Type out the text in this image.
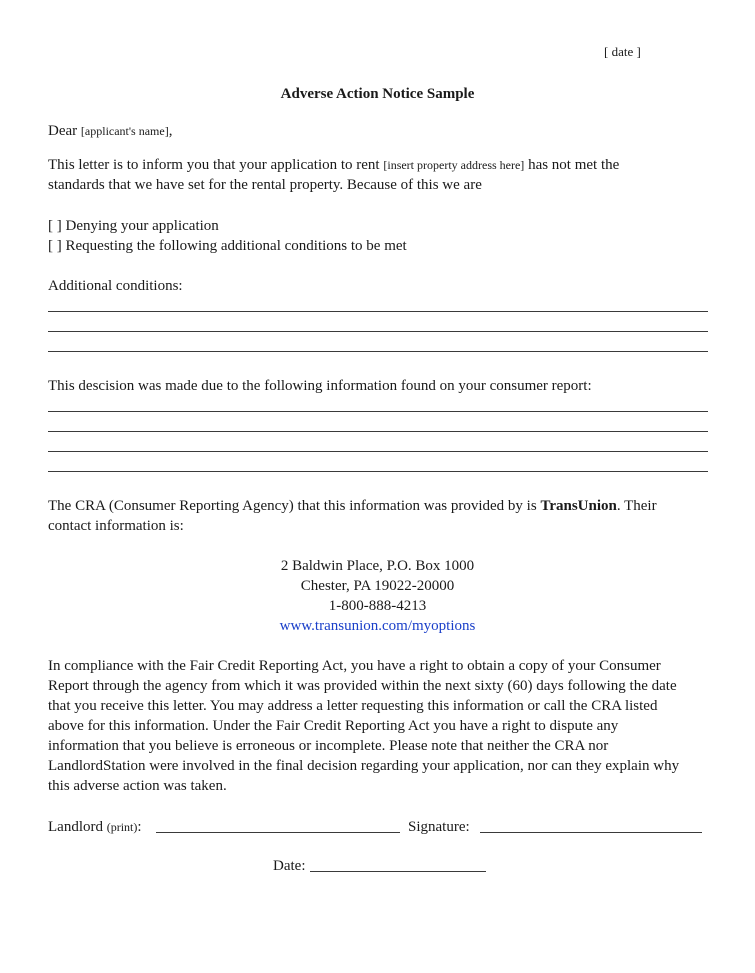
[ date ]
Adverse Action Notice Sample
Dear [applicant's name],
This letter is to inform you that your application to rent [insert property address here] has not met the
standards that we have set for the rental property. Because of this we are
[ ] Denying your application
[ ] Requesting the following additional conditions to be met
Additional conditions:
This descision was made due to the following information found on your consumer report:
The CRA (Consumer Reporting Agency) that this information was provided by is TransUnion. Their
contact information is:
2 Baldwin Place, P.O. Box 1000
Chester, PA 19022-20000
1-800-888-4213
www.transunion.com/myoptions
In compliance with the Fair Credit Reporting Act, you have a right to obtain a copy of your Consumer
Report through the agency from which it was provided within the next sixty (60) days following the date
that you receive this letter. You may address a letter requesting this information or call the CRA listed
above for this information. Under the Fair Credit Reporting Act you have a right to dispute any
information that you believe is erroneous or incomplete. Please note that neither the CRA nor
LandlordStation were involved in the final decision regarding your application, nor can they explain why
this adverse action was taken.
Landlord (print):	Signature:
Date:
